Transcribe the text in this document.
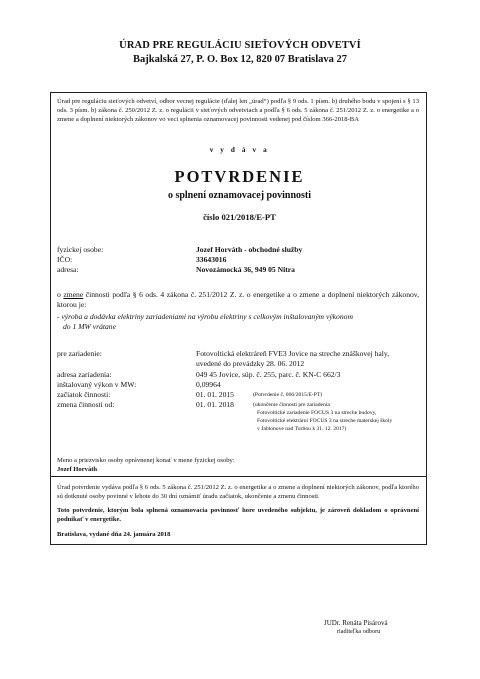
ÚRAD PRE REGULÁCIU SIEŤOVÝCH ODVETVÍ
Bajkalská 27, P. O. Box 12, 820 07 Bratislava 27
Úrad pre reguláciu sieťových odvetví, odbor vecnej regulácie (ďalej len „úrad“) podľa § 9 ods. 1 písm. b) druhého bodu v spojení s § 13 ods. 3 písm. b) zákona č. 250/2012 Z. z. o regulácii v sieťových odvetviach a podľa § 6 ods. 5 zákona č. 251/2012 Z. z. o energetike a o zmene a doplnení niektorých zákonov vo veci splnenia oznamovacej povinnosti vedenej pod číslom 366-2018-BA
v y d á v a
POTVRDENIE
o splnení oznamovacej povinnosti
číslo 021/2018/E-PT
fyzickej osobe:	Jozef Horváth - obchodné služby
IČO:	33643016
adresa:	Novozámocká 36, 949 05 Nitra
o zmene činnosti podľa § 6 ods. 4 zákona č. 251/2012 Z. z. o energetike a o zmene a doplnení niektorých zákonov, ktorou je:
- výroba a dodávka elektriny zariadeniami na výrobu elektriny s celkovým inštalovaným výkonom
do 1 MW vrátane
pre zariadenie:	Fotovoltická elektráreň FVE3 Jovice na streche znáškovej haly, uvedené do prevádzky 28. 06. 2012
adresa zariadenia:	049 45 Jovice, súp. č. 255, parc. č. KN-C 662/3
inštalovaný výkon v MW:	0,09964
začiatok činnosti:	01. 01. 2015	(Potvrdenie č. 066/2015/E-PT)
zmena činnosti od:	01. 01. 2018	(ukončenie činnosti pre zariadenia
Fotovoltické zariadenie FOCUS 3 na streche budovy,
Fotovoltické elektrárni FOCUS 3 na streche materskej školy
v Jablonove nad Turňou k 31. 12. 2017)
Meno a priezvisko osoby oprávnenej konať v mene fyzickej osoby:
Jozef Horváth
Úrad potvrdenie vydáva podľa § 6 ods. 5 zákona č. 251/2012 Z. z. o energetike a o zmene a doplnení niektorých zákonov, podľa ktorého sú dotknuté osoby povinné v lehote do 30 dní oznámiť úradu začiatok, ukončenie a zmenu činnosti.
Toto potvrdenie, ktorým bola splnená oznamovacia povinnosť hore uvedeného subjektu, je zároveň dokladom o oprávnení podnikať v energetike.
Bratislava, vydané dňa 24. januára 2018
JUDr. Renáta Pisárová
riaditeľka odboru
